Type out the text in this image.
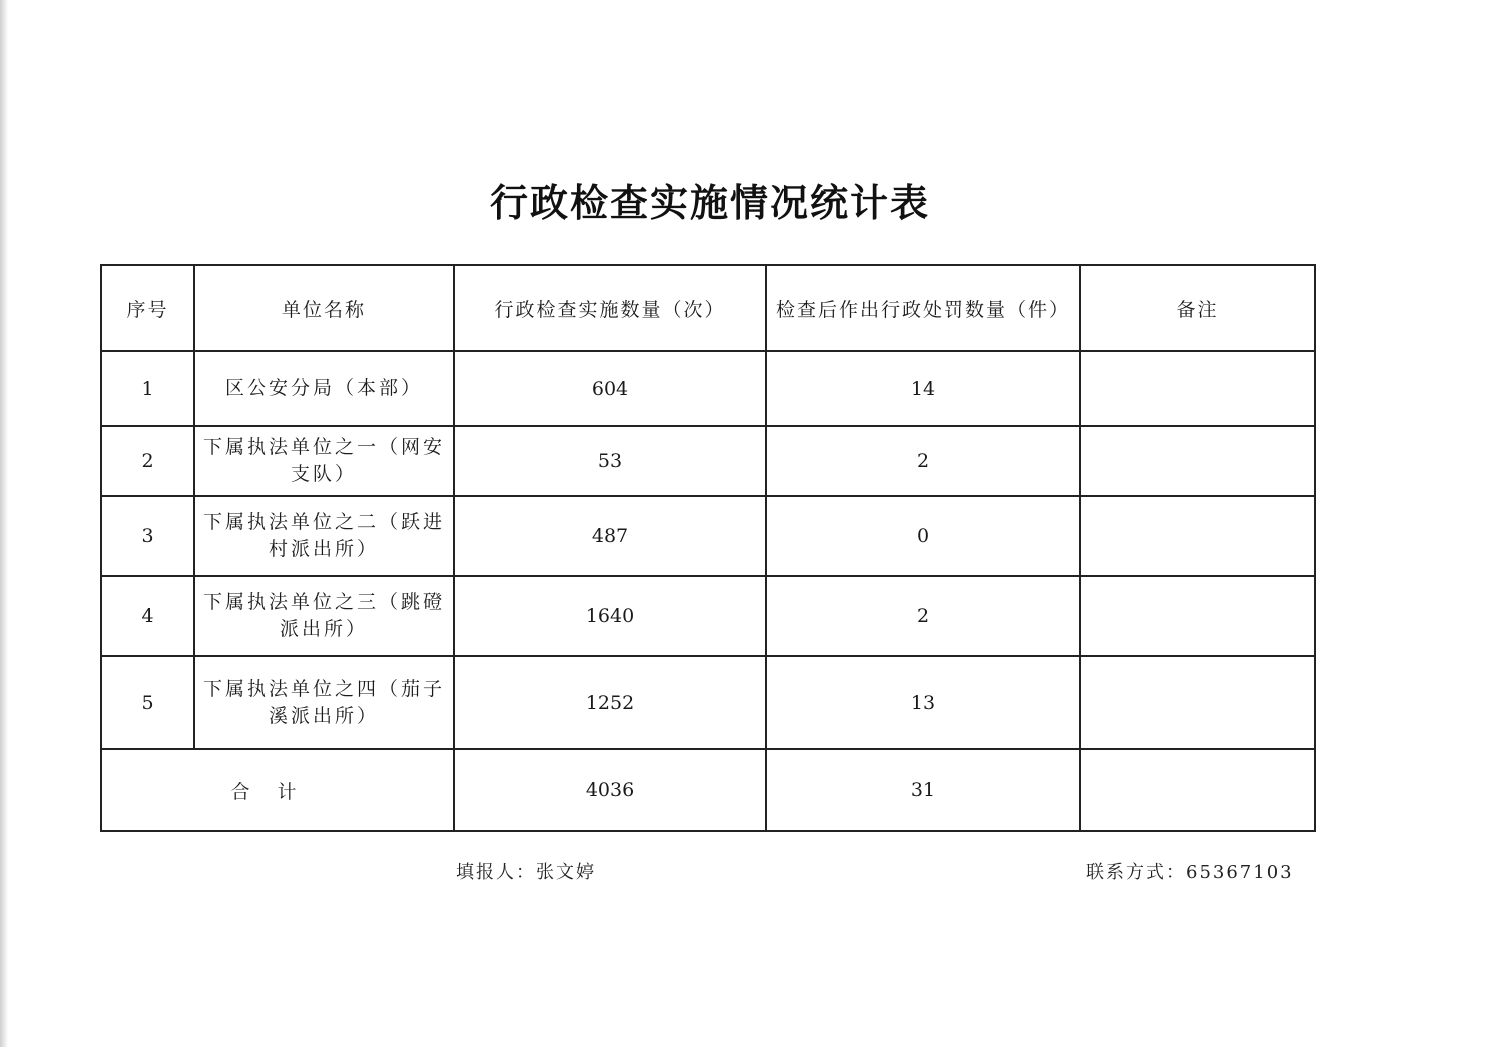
行政检查实施情况统计表
序号	单位名称	行政检查实施数量（次）	检查后作出行政处罚数量（件）	备注
1	区公安分局（本部）	604	14	
2	下属执法单位之一（网安支队）	53	2	
3	下属执法单位之二（跃进村派出所）	487	0	
4	下属执法单位之三（跳磴派出所）	1640	2	
5	下属执法单位之四（茄子溪派出所）	1252	13	
合计		4036	31	
填报人：张文婷	联系方式：65367103
